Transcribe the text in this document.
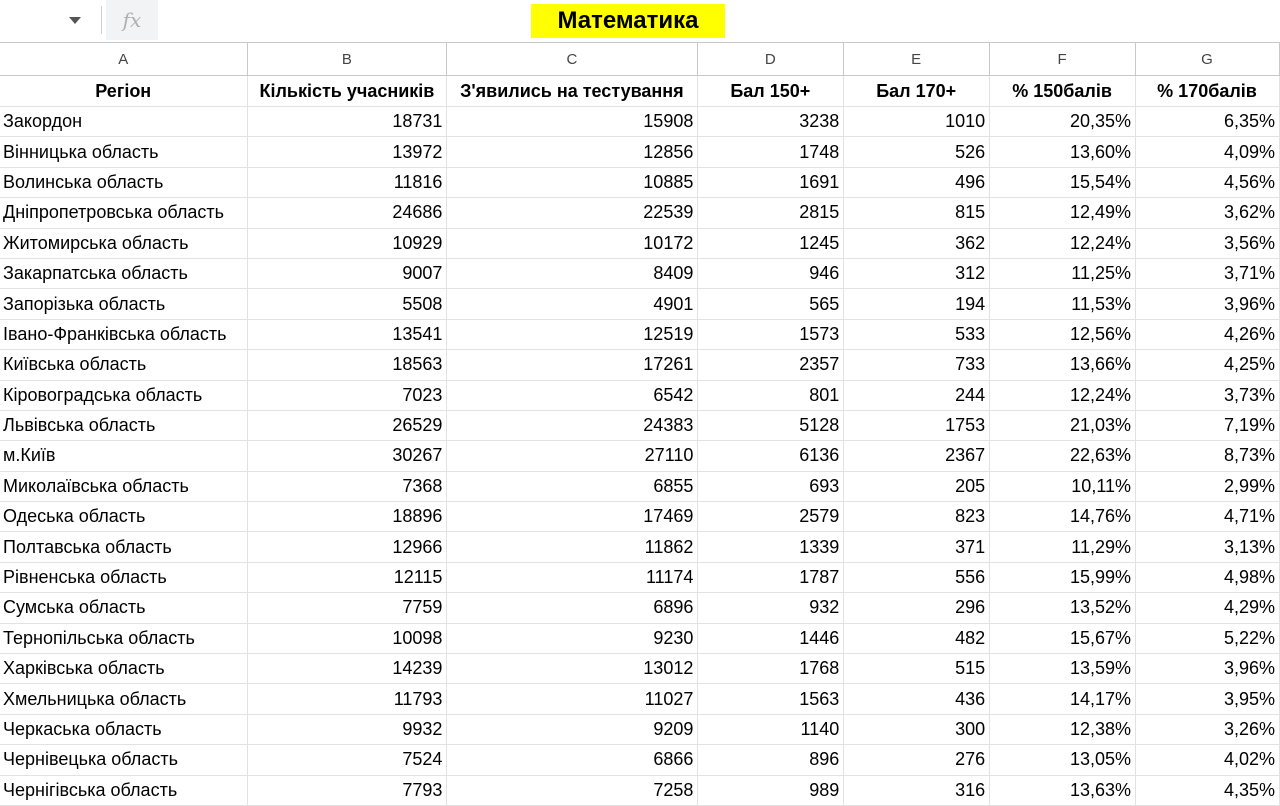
fx	Математика
A	B	C	D	E	F	G
Регіон	Кількість учасників	З'явились на тестування	Бал 150+	Бал 170+	% 150балів	% 170балів
Закордон	18731	15908	3238	1010	20,35%	6,35%
Вінницька область	13972	12856	1748	526	13,60%	4,09%
Волинська область	11816	10885	1691	496	15,54%	4,56%
Дніпропетровська область	24686	22539	2815	815	12,49%	3,62%
Житомирська область	10929	10172	1245	362	12,24%	3,56%
Закарпатська область	9007	8409	946	312	11,25%	3,71%
Запорізька область	5508	4901	565	194	11,53%	3,96%
Івано-Франківська область	13541	12519	1573	533	12,56%	4,26%
Київська область	18563	17261	2357	733	13,66%	4,25%
Кіровоградська область	7023	6542	801	244	12,24%	3,73%
Львівська область	26529	24383	5128	1753	21,03%	7,19%
м.Київ	30267	27110	6136	2367	22,63%	8,73%
Миколаївська область	7368	6855	693	205	10,11%	2,99%
Одеська область	18896	17469	2579	823	14,76%	4,71%
Полтавська область	12966	11862	1339	371	11,29%	3,13%
Рівненська область	12115	11174	1787	556	15,99%	4,98%
Сумська область	7759	6896	932	296	13,52%	4,29%
Тернопільська область	10098	9230	1446	482	15,67%	5,22%
Харківська область	14239	13012	1768	515	13,59%	3,96%
Хмельницька область	11793	11027	1563	436	14,17%	3,95%
Черкаська область	9932	9209	1140	300	12,38%	3,26%
Чернівецька область	7524	6866	896	276	13,05%	4,02%
Чернігівська область	7793	7258	989	316	13,63%	4,35%
